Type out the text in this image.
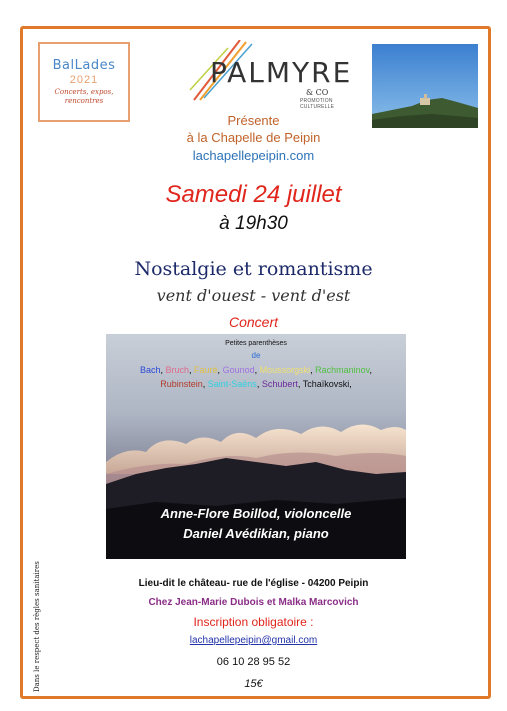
BalLades
2021
Concerts, expos, rencontres
PALMYRE
& CO
PROMOTION CULTURELLE
Présente
à la Chapelle de Peipin
lachapellepeipin.com
Samedi 24 juillet
à 19h30
Nostalgie et romantisme
vent d'ouest - vent d'est
Concert
Petites parenthèses
de
Bach, Bruch, Fauré, Gounod, Moussorgski, Rachmaninov,
Rubinstein, Saint-Saëns, Schubert, Tchaïkovski,
Anne-Flore Boillod, violoncelle
Daniel Avédikian, piano
Lieu-dit le château- rue de l'église - 04200 Peipin
Chez Jean-Marie Dubois et Malka Marcovich
Inscription obligatoire :
lachapellepeipin@gmail.com
06 10 28 95 52
15€
Dans le respect des règles sanitaires
